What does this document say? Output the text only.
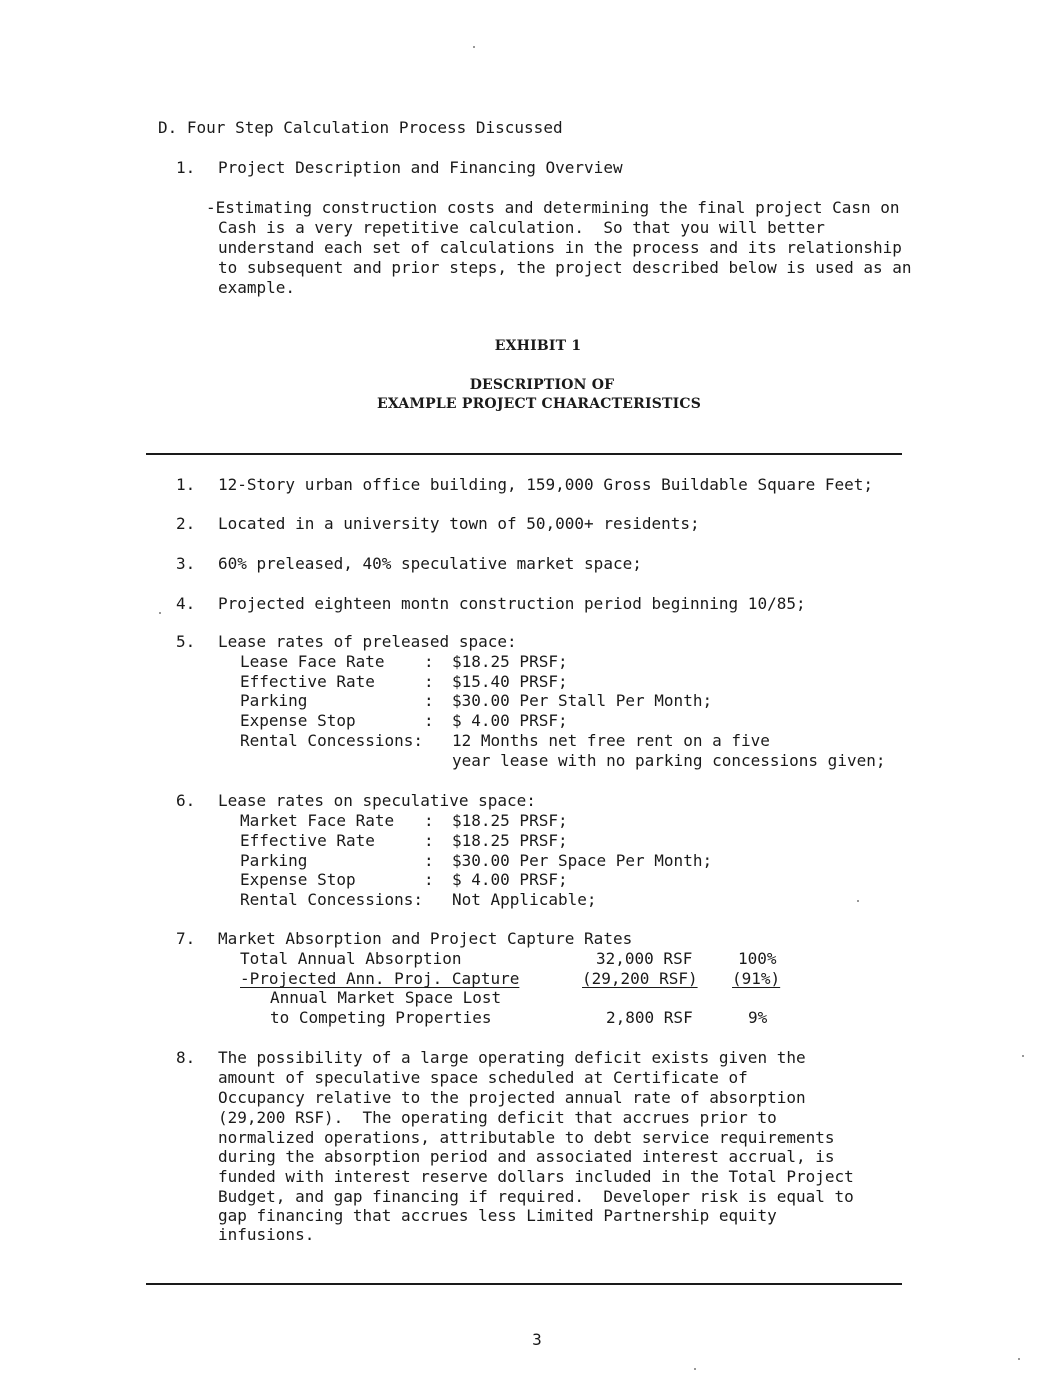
D. Four Step Calculation Process Discussed
1. Project Description and Financing Overview
-Estimating construction costs and determining the final project Casn on
Cash is a very repetitive calculation.  So that you will better
understand each set of calculations in the process and its relationship
to subsequent and prior steps, the project described below is used as an
example.
EXHIBIT 1
DESCRIPTION OF
EXAMPLE PROJECT CHARACTERISTICS
1. 12-Story urban office building, 159,000 Gross Buildable Square Feet;
2. Located in a university town of 50,000+ residents;
3. 60% preleased, 40% speculative market space;
4. Projected eighteen montn construction period beginning 10/85;
5. Lease rates of preleased space:
Lease Face Rate : $18.25 PRSF;
Effective Rate	: $15.40 PRSF;
Parking	: $30.00 Per Stall Per Month;
Expense Stop	: $ 4.00 PRSF;
Rental Concessions: 12 Months net free rent on a five
year lease with no parking concessions given;
6. Lease rates on speculative space:
Market Face Rate : $18.25 PRSF;
Effective Rate	: $18.25 PRSF;
Parking	: $30.00 Per Space Per Month;
Expense Stop	: $ 4.00 PRSF;
Rental Concessions: Not Applicable;
7. Market Absorption and Project Capture Rates
Total Annual Absorption	32,000 RSF	100%
-Projected Ann. Proj. Capture	(29,200 RSF) (91%)
Annual Market Space Lost
to Competing Properties	2,800 RSF	9%
8. The possibility of a large operating deficit exists given the
amount of speculative space scheduled at Certificate of
Occupancy relative to the projected annual rate of absorption
(29,200 RSF).  The operating deficit that accrues prior to
normalized operations, attributable to debt service requirements
during the absorption period and associated interest accrual, is
funded with interest reserve dollars included in the Total Project
Budget, and gap financing if required.  Developer risk is equal to
gap financing that accrues less Limited Partnership equity
infusions.
3
